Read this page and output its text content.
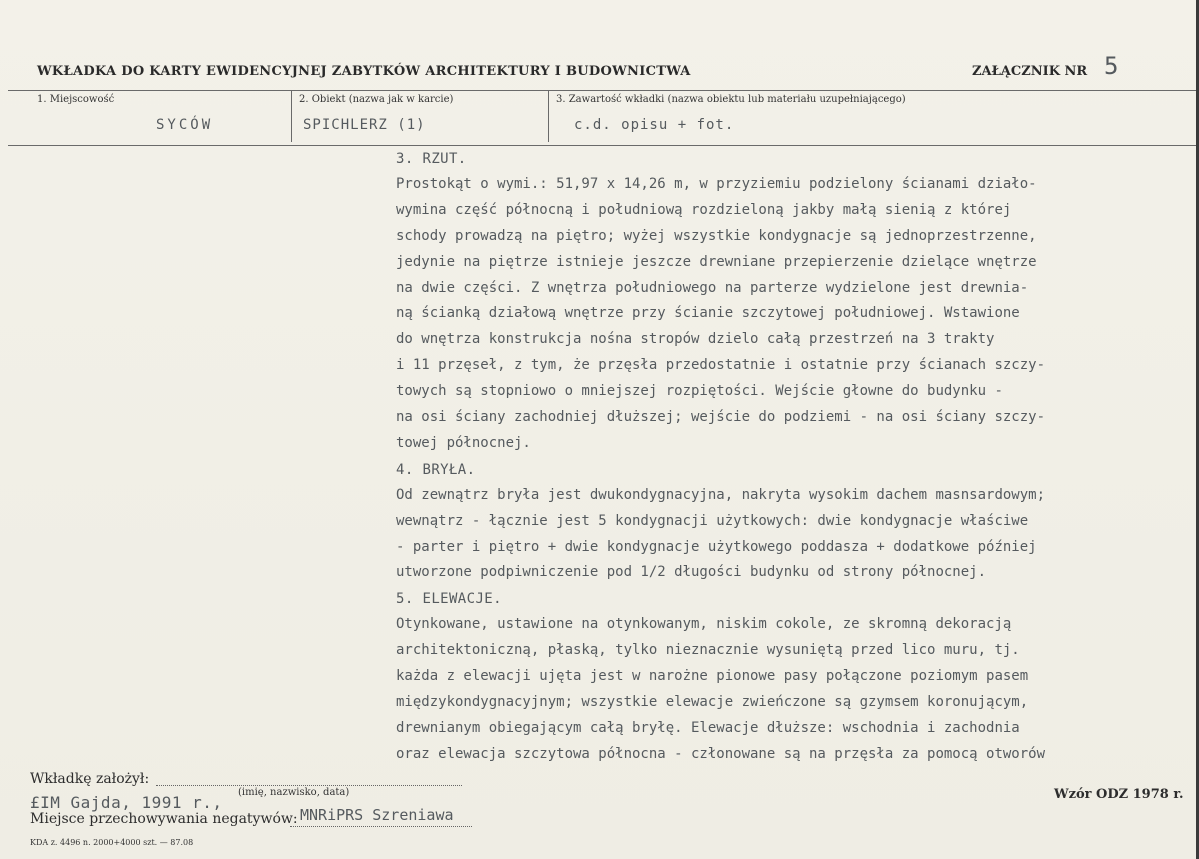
WKŁADKA DO KARTY EWIDENCYJNEJ ZABYTKÓW ARCHITEKTURY I BUDOWNICTWA	ZAŁĄCZNIK NR 5
1. Miejscowość
SYCÓW
2. Obiekt (nazwa jak w karcie)
SPICHLERZ (1)
3. Zawartość wkładki (nazwa obiektu lub materiału uzupełniającego)
c.d. opisu + fot.
3. RZUT.
Prostokąt o wymi.: 51,97 x 14,26 m, w przyziemiu podzielony ścianami działo-
wymina część północną i południową rozdzieloną jakby małą sienią z której
schody prowadzą na piętro; wyżej wszystkie kondygnacje są jednoprzestrzenne,
jedynie na piętrze istnieje jeszcze drewniane przepierzenie dzielące wnętrze
na dwie części. Z wnętrza południowego na parterze wydzielone jest drewnia-
ną ścianką działową wnętrze przy ścianie szczytowej południowej. Wstawione
do wnętrza konstrukcja nośna stropów dzielo całą przestrzeń na 3 trakty
i 11 przęseł, z tym, że przęsła przedostatnie i ostatnie przy ścianach szczy-
towych są stopniowo o mniejszej rozpiętości. Wejście głowne do budynku -
na osi ściany zachodniej dłuższej; wejście do podziemi - na osi ściany szczy-
towej północnej.
4. BRYŁA.
Od zewnątrz bryła jest dwukondygnacyjna, nakryta wysokim dachem masnsardowym;
wewnątrz - łącznie jest 5 kondygnacji użytkowych: dwie kondygnacje właściwe
- parter i piętro + dwie kondygnacje użytkowego poddasza + dodatkowe później
utworzone podpiwniczenie pod 1/2 długości budynku od strony północnej.
5. ELEWACJE.
Otynkowane, ustawione na otynkowanym, niskim cokole, ze skromną dekoracją
architektoniczną, płaską, tylko nieznacznie wysuniętą przed lico muru, tj.
każda z elewacji ujęta jest w narożne pionowe pasy połączone poziomym pasem
międzykondygnacyjnym; wszystkie elewacje zwieńczone są gzymsem koronującym,
drewnianym obiegającym całą bryłę. Elewacje dłuższe: wschodnia i zachodnia
oraz elewacja szczytowa północna - członowane są na przęsła za pomocą otworów
Wkładkę założył:
(imię, nazwisko, data)
£IM Gajda, 1991 r.,
Miejsce przechowywania negatywów: MNRiPRS Szreniawa
Wzór ODZ 1978 r.
KDA z. 4496 n. 2000+4000 szt. — 87.08
